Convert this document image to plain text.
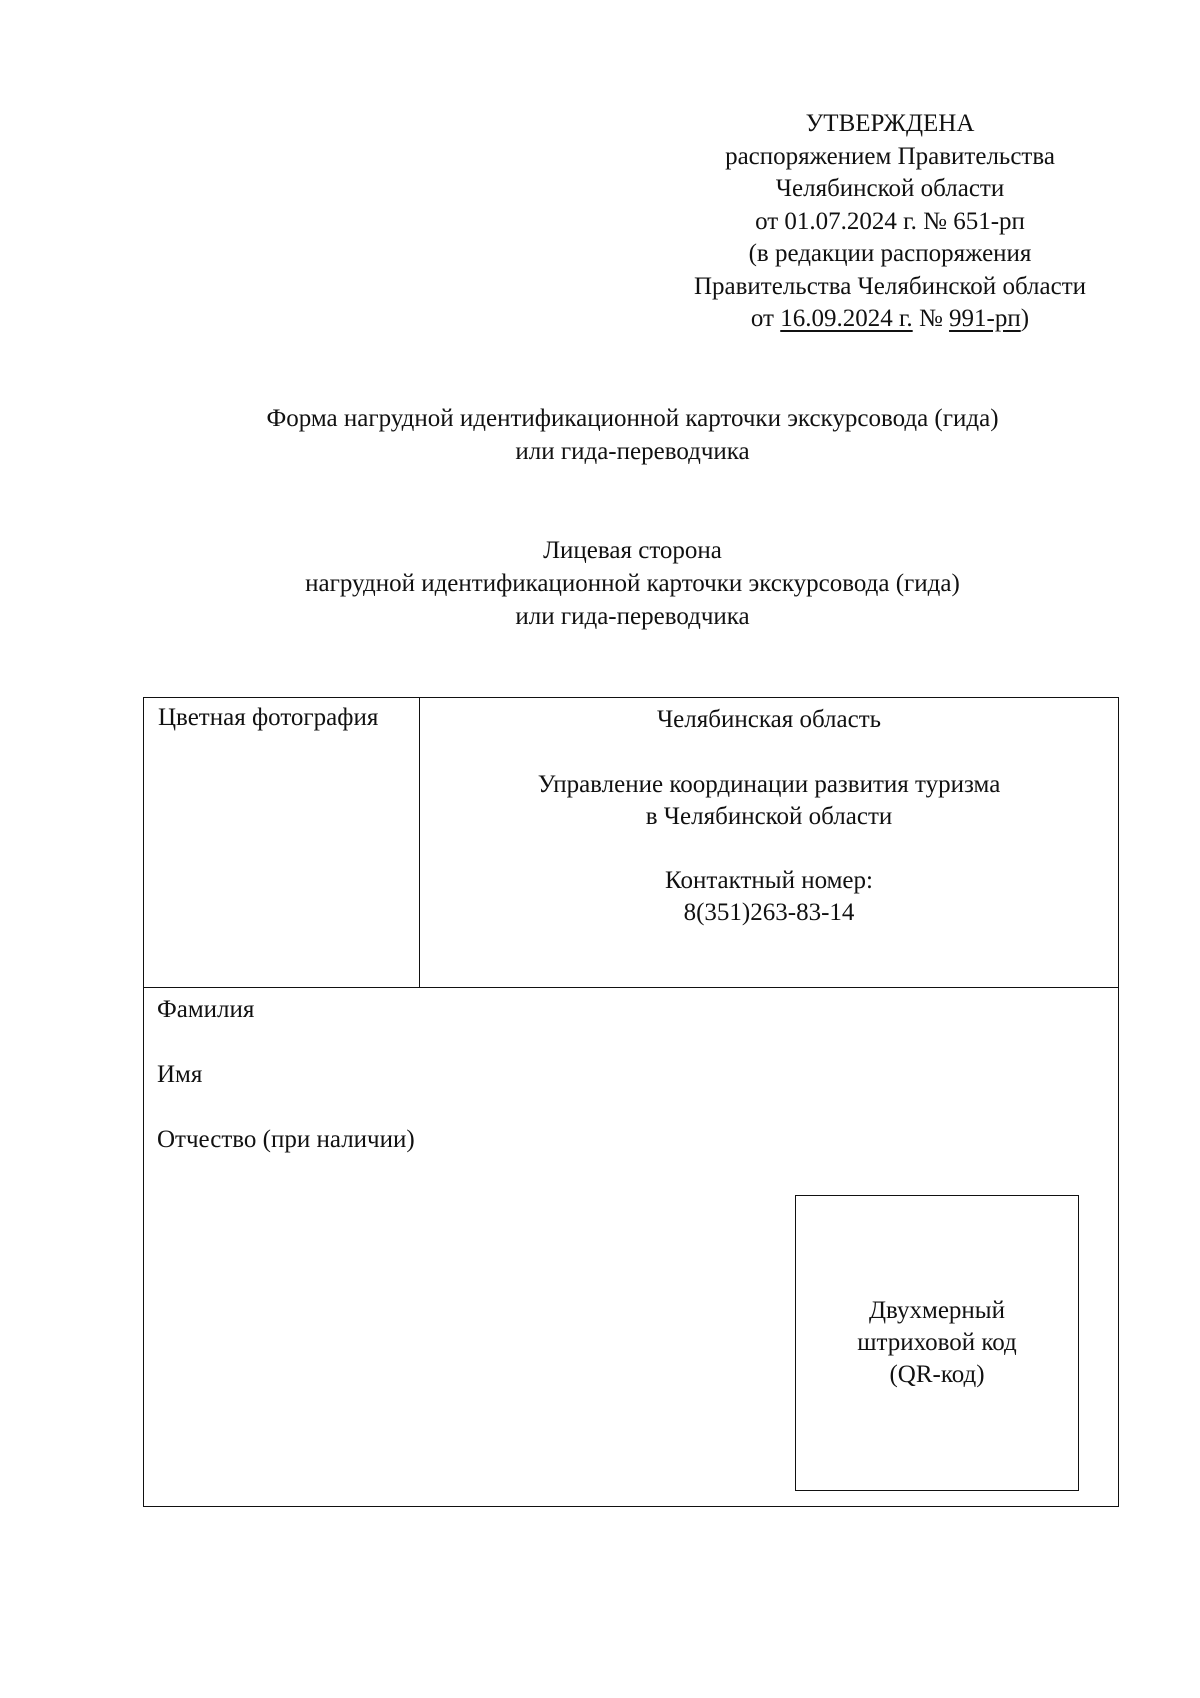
УТВЕРЖДЕНА
распоряжением Правительства
Челябинской области
от 01.07.2024 г. № 651-рп
(в редакции распоряжения
Правительства Челябинской области
от 16.09.2024 г. № 991-рп)
Форма нагрудной идентификационной карточки экскурсовода (гида)
или гида-переводчика
Лицевая сторона
нагрудной идентификационной карточки экскурсовода (гида)
или гида-переводчика
Цветная фотография	Челябинская область
Управление координации развития туризма
в Челябинской области
Контактный номер:
8(351)263-83-14
Фамилия
Имя
Отчество (при наличии)
Двухмерный
штриховой код
(QR-код)
